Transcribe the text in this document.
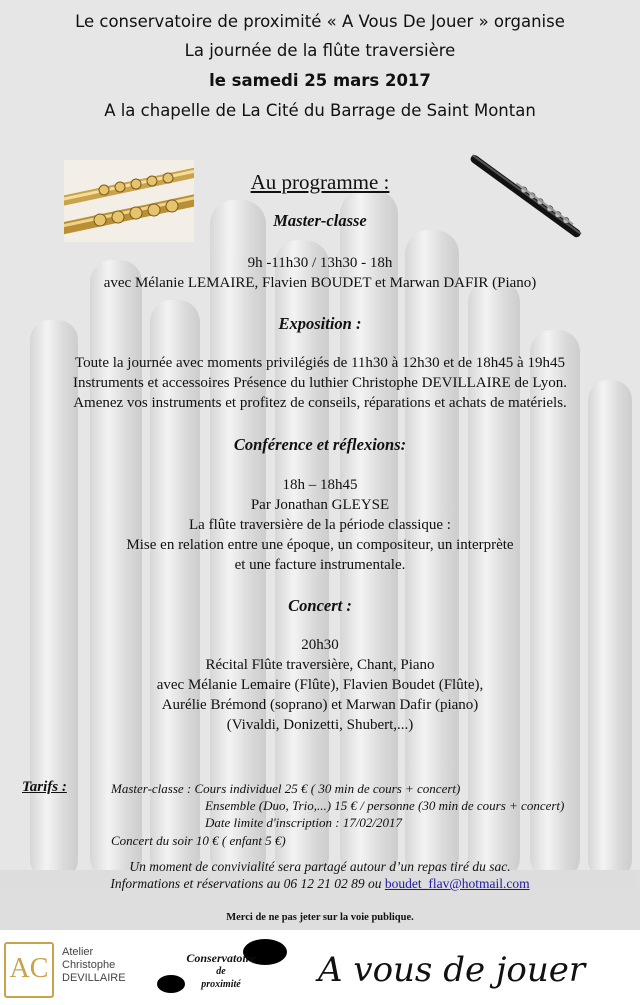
Le conservatoire de proximité « A Vous De Jouer » organise
La journée de la flûte traversière
le samedi 25 mars 2017
A la chapelle de La Cité du Barrage de Saint Montan
Au programme :
Master-classe
9h -11h30 / 13h30 - 18h
avec Mélanie LEMAIRE, Flavien BOUDET et Marwan DAFIR (Piano)
Exposition :
Toute la journée avec moments privilégiés de 11h30 à 12h30 et de 18h45 à 19h45
Instruments et accessoires Présence du luthier Christophe DEVILLAIRE de Lyon.
Amenez vos instruments et profitez de conseils, réparations et achats de matériels.
Conférence et réflexions:
18h – 18h45
Par Jonathan GLEYSE
La flûte traversière de la période classique :
Mise en relation entre une époque, un compositeur, un interprète
et une facture instrumentale.
Concert :
20h30
Récital Flûte traversière, Chant, Piano
avec Mélanie Lemaire (Flûte), Flavien Boudet (Flûte),
Aurélie Brémond (soprano) et Marwan Dafir (piano)
(Vivaldi, Donizetti, Shubert,...)
Tarifs :	Master-classe : Cours individuel 25 € ( 30 min de cours + concert)
Ensemble (Duo, Trio,...) 15 € / personne (30 min de cours + concert)
Date limite d'inscription : 17/02/2017
Concert du soir 10 € ( enfant 5 €)
Un moment de convivialité sera partagé autour d’un repas tiré du sac.
Informations et réservations au 06 12 21 02 89 ou boudet_flav@hotmail.com
Merci de ne pas jeter sur la voie publique.
AC
Atelier
Christophe
DEVILLAIRE
Conservatoire
de
proximité	A vous de jouer
